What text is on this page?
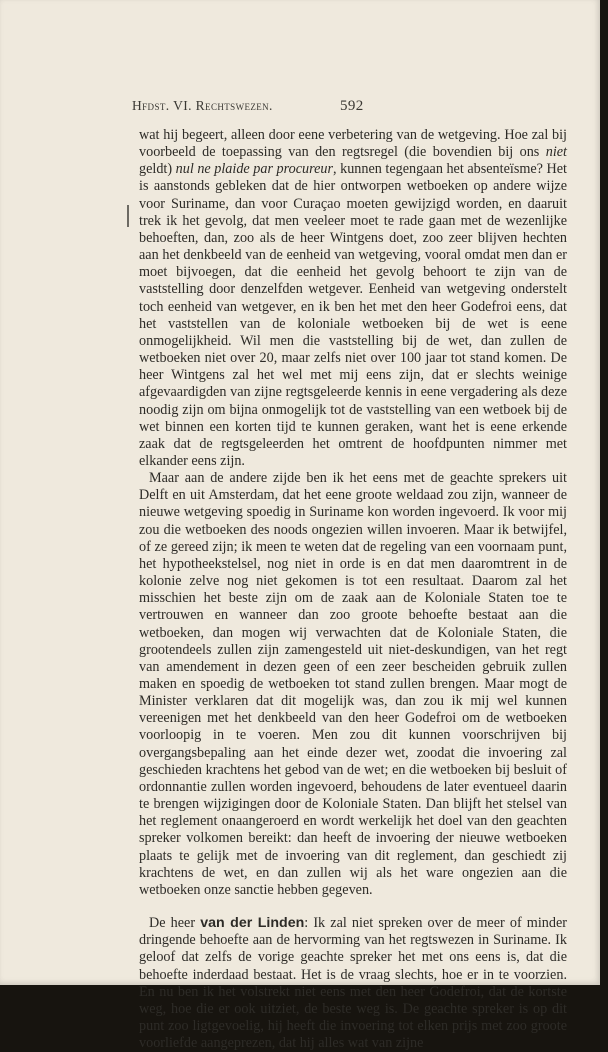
Hfdst. VI. Rechtswezen.	592

wat hij begeert, alleen door eene verbetering van de wetgeving. Hoe zal bij voorbeeld de toepassing van den regtsregel (die bovendien bij ons niet geldt) nul ne plaide par procureur, kunnen tegengaan het absenteïsme? Het is aanstonds gebleken dat de hier ontworpen wetboeken op andere wijze voor Suriname, dan voor Curaçao moeten gewijzigd worden, en daaruit trek ik het gevolg, dat men veeleer moet te rade gaan met de wezenlijke behoeften, dan, zoo als de heer Wintgens doet, zoo zeer blijven hechten aan het denkbeeld van de eenheid van wetgeving, vooral omdat men dan er moet bijvoegen, dat die eenheid het gevolg behoort te zijn van de vaststelling door denzelfden wetgever. Eenheid van wetgeving onderstelt toch eenheid van wetgever, en ik ben het met den heer Godefroi eens, dat het vaststellen van de koloniale wetboeken bij de wet is eene onmogelijkheid. Wil men die vaststelling bij de wet, dan zullen de wetboeken niet over 20, maar zelfs niet over 100 jaar tot stand komen. De heer Wintgens zal het wel met mij eens zijn, dat er slechts weinige afgevaardigden van zijne regtsgeleerde kennis in eene vergadering als deze noodig zijn om bijna onmogelijk tot de vaststelling van een wetboek bij de wet binnen een korten tijd te kunnen geraken, want het is eene erkende zaak dat de regtsgeleerden het omtrent de hoofdpunten nimmer met elkander eens zijn.

Maar aan de andere zijde ben ik het eens met de geachte sprekers uit Delft en uit Amsterdam, dat het eene groote weldaad zou zijn, wanneer de nieuwe wetgeving spoedig in Suriname kon worden ingevoerd. Ik voor mij zou die wetboeken des noods ongezien willen invoeren. Maar ik betwijfel, of ze gereed zijn; ik meen te weten dat de regeling van een voornaam punt, het hypotheekstelsel, nog niet in orde is en dat men daaromtrent in de kolonie zelve nog niet gekomen is tot een resultaat. Daarom zal het misschien het beste zijn om de zaak aan de Koloniale Staten toe te vertrouwen en wanneer dan zoo groote behoefte bestaat aan die wetboeken, dan mogen wij verwachten dat de Koloniale Staten, die grootendeels zullen zijn zamengesteld uit niet-deskundigen, van het regt van amendement in dezen geen of een zeer bescheiden gebruik zullen maken en spoedig de wetboeken tot stand zullen brengen. Maar mogt de Minister verklaren dat dit mogelijk was, dan zou ik mij wel kunnen vereenigen met het denkbeeld van den heer Godefroi om de wetboeken voorloopig in te voeren. Men zou dit kunnen voorschrijven bij overgangsbepaling aan het einde dezer wet, zoodat die invoering zal geschieden krachtens het gebod van de wet; en die wetboeken bij besluit of ordonnantie zullen worden ingevoerd, behoudens de later eventueel daarin te brengen wijzigingen door de Koloniale Staten. Dan blijft het stelsel van het reglement onaangeroerd en wordt werkelijk het doel van den geachten spreker volkomen bereikt: dan heeft de invoering der nieuwe wetboeken plaats te gelijk met de invoering van dit reglement, dan geschiedt zij krachtens de wet, en dan zullen wij als het ware ongezien aan die wetboeken onze sanctie hebben gegeven.

De heer van der Linden: Ik zal niet spreken over de meer of minder dringende behoefte aan de hervorming van het regtswezen in Suriname. Ik geloof dat zelfs de vorige geachte spreker het met ons eens is, dat die behoefte inderdaad bestaat. Het is de vraag slechts, hoe er in te voorzien. En nu ben ik het volstrekt niet eens met den heer Godefroi, dat de kortste weg, hoe die er ook uitziet, de beste weg is. De geachte spreker is op dit punt zoo ligtgevoelig, hij heeft die invoering tot elken prijs met zoo groote voorliefde aangeprezen, dat hij alles wat van zijne
